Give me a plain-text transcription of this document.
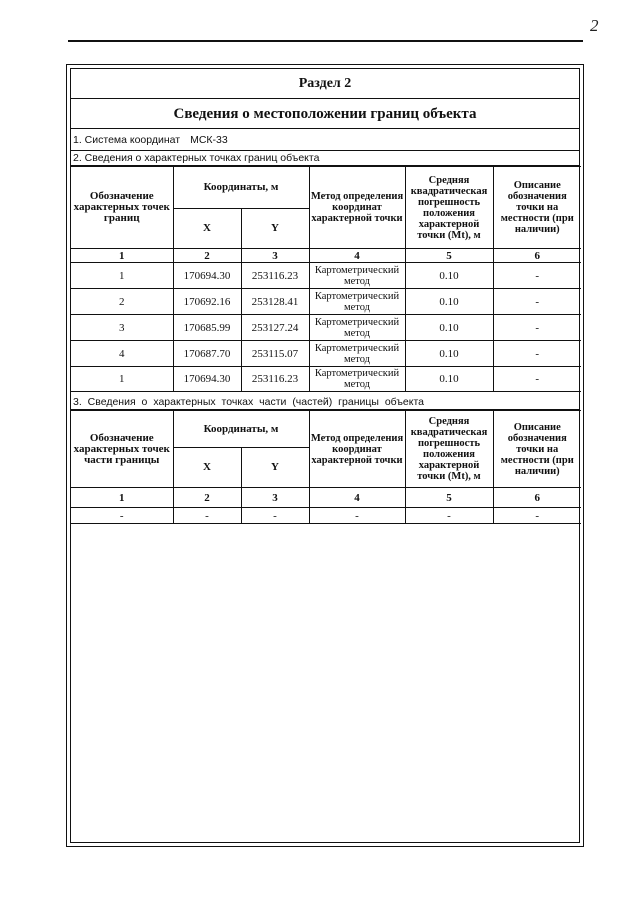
2
Раздел 2
Сведения о местоположении границ объекта
1. Система координат МСК-33
2. Сведения о характерных точках границ объекта
Обозначение характерных точек границ	Координаты, м		Метод определения координат характерной точки	Средняя квадратическая погрешность положения характерной точки (Mt), м	Описание обозначения точки на местности (при наличии)
	X	Y			
1	2	3	4	5	6
1	170694.30	253116.23	Картометрический метод	0.10	-
2	170692.16	253128.41	Картометрический метод	0.10	-
3	170685.99	253127.24	Картометрический метод	0.10	-
4	170687.70	253115.07	Картометрический метод	0.10	-
1	170694.30	253116.23	Картометрический метод	0.10	-
3. Сведения о характерных точках части (частей) границы объекта
Обозначение характерных точек части границы	Координаты, м		Метод определения координат характерной точки	Средняя квадратическая погрешность положения характерной точки (Mt), м	Описание обозначения точки на местности (при наличии)
	X	Y			
1	2	3	4	5	6
-	-	-	-	-	-
